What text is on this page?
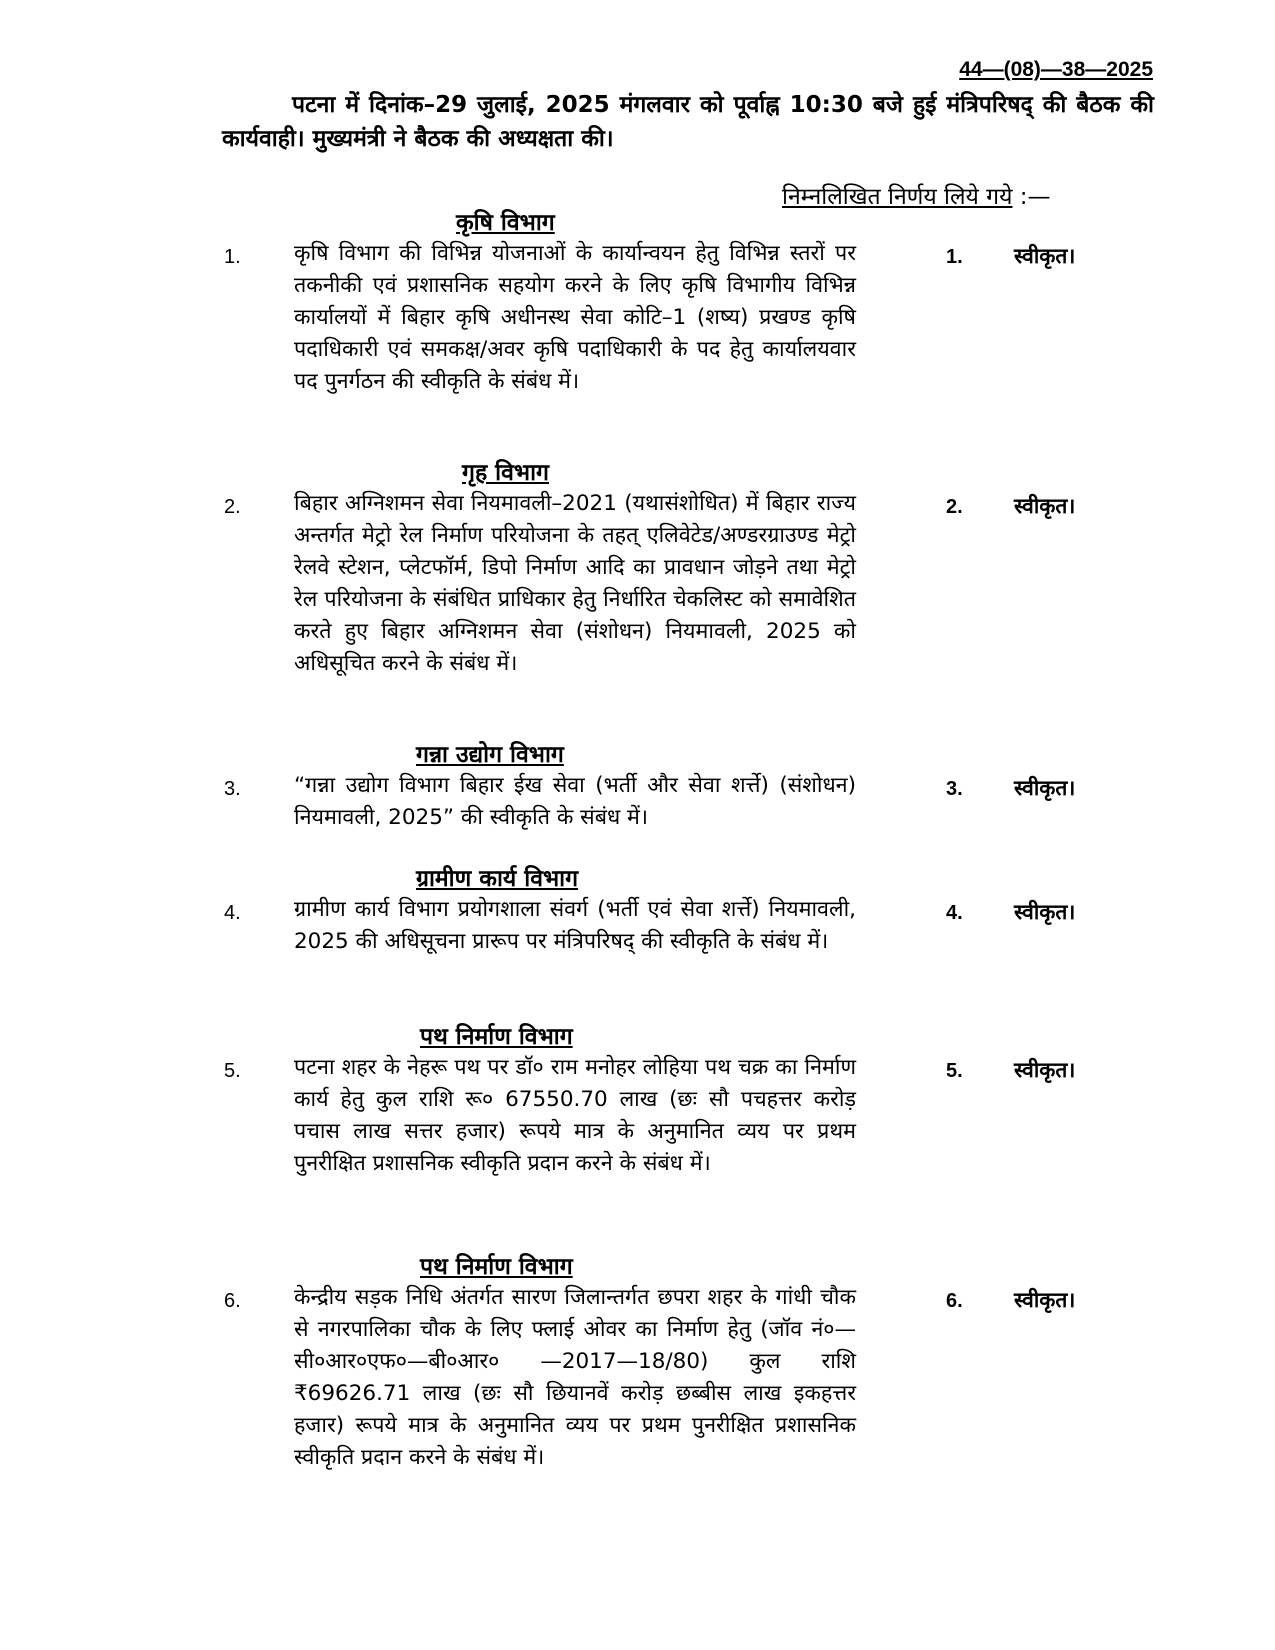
44—(08)—38—2025
पटना में दिनांक–29 जुलाई, 2025 मंगलवार को पूर्वाह्न 10:30 बजे हुई मंत्रिपरिषद् की बैठक की कार्यवाही। मुख्यमंत्री ने बैठक की अध्यक्षता की।
निम्नलिखित निर्णय लिये गये :—
कृषि विभाग
1. कृषि विभाग की विभिन्न योजनाओं के कार्यान्वयन हेतु विभिन्न स्तरों पर तकनीकी एवं प्रशासनिक सहयोग करने के लिए कृषि विभागीय विभिन्न कार्यालयों में बिहार कृषि अधीनस्थ सेवा कोटि–1 (शष्य) प्रखण्ड कृषि पदाधिकारी एवं समकक्ष/अवर कृषि पदाधिकारी के पद हेतु कार्यालयवार पद पुनर्गठन की स्वीकृति के संबंध में।
1. स्वीकृत।
गृह विभाग
2. बिहार अग्निशमन सेवा नियमावली–2021 (यथासंशोधित) में बिहार राज्य अन्तर्गत मेट्रो रेल निर्माण परियोजना के तहत् एलिवेटेड/अण्डरग्राउण्ड मेट्रो रेलवे स्टेशन, प्लेटफॉर्म, डिपो निर्माण आदि का प्रावधान जोड़ने तथा मेट्रो रेल परियोजना के संबंधित प्राधिकार हेतु निर्धारित चेकलिस्ट को समावेशित करते हुए बिहार अग्निशमन सेवा (संशोधन) नियमावली, 2025 को अधिसूचित करने के संबंध में।
2. स्वीकृत।
गन्ना उद्योग विभाग
3. “गन्ना उद्योग विभाग बिहार ईख सेवा (भर्ती और सेवा शर्त्ते) (संशोधन) नियमावली, 2025” की स्वीकृति के संबंध में।
3. स्वीकृत।
ग्रामीण कार्य विभाग
4. ग्रामीण कार्य विभाग प्रयोगशाला संवर्ग (भर्ती एवं सेवा शर्त्ते) नियमावली, 2025 की अधिसूचना प्रारूप पर मंत्रिपरिषद् की स्वीकृति के संबंध में।
4. स्वीकृत।
पथ निर्माण विभाग
5. पटना शहर के नेहरू पथ पर डॉ० राम मनोहर लोहिया पथ चक्र का निर्माण कार्य हेतु कुल राशि रू० 67550.70 लाख (छः सौ पचहत्तर करोड़ पचास लाख सत्तर हजार) रूपये मात्र के अनुमानित व्यय पर प्रथम पुनरीक्षित प्रशासनिक स्वीकृति प्रदान करने के संबंध में।
5. स्वीकृत।
पथ निर्माण विभाग
6. केन्द्रीय सड़क निधि अंतर्गत सारण जिलान्तर्गत छपरा शहर के गांधी चौक से नगरपालिका चौक के लिए फ्लाई ओवर का निर्माण हेतु (जॉव नं०—सी०आर०एफ०—बी०आर० —2017—18/80) कुल राशि ₹69626.71 लाख (छः सौ छियानवें करोड़ छब्बीस लाख इकहत्तर हजार) रूपये मात्र के अनुमानित व्यय पर प्रथम पुनरीक्षित प्रशासनिक स्वीकृति प्रदान करने के संबंध में।
6. स्वीकृत।
